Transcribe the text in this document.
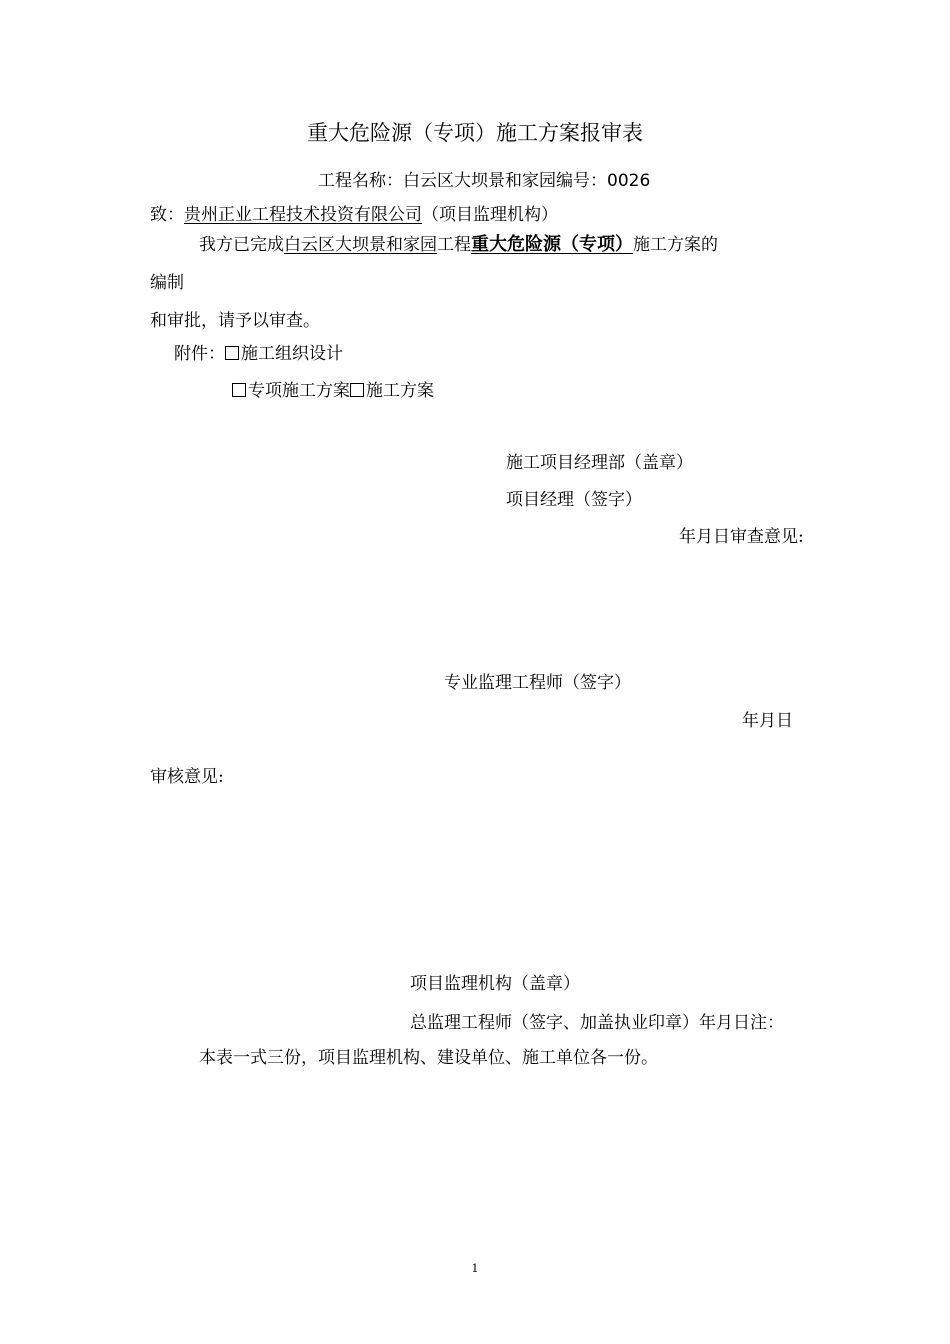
重大危险源（专项）施工方案报审表
工程名称：白云区大坝景和家园编号：0026
致：贵州正业工程技术投资有限公司（项目监理机构）
我方已完成白云区大坝景和家园工程重大危险源（专项）施工方案的
编制
和审批，请予以审查。
附件： 施工组织设计
专项施工方案 施工方案
施工项目经理部（盖章）
项目经理（签字）
年月日审查意见:
专业监理工程师（签字）
年月日
审核意见:
项目监理机构（盖章）
总监理工程师（签字、加盖执业印章）年月日注：
本表一式三份，项目监理机构、建设单位、施工单位各一份。
1
